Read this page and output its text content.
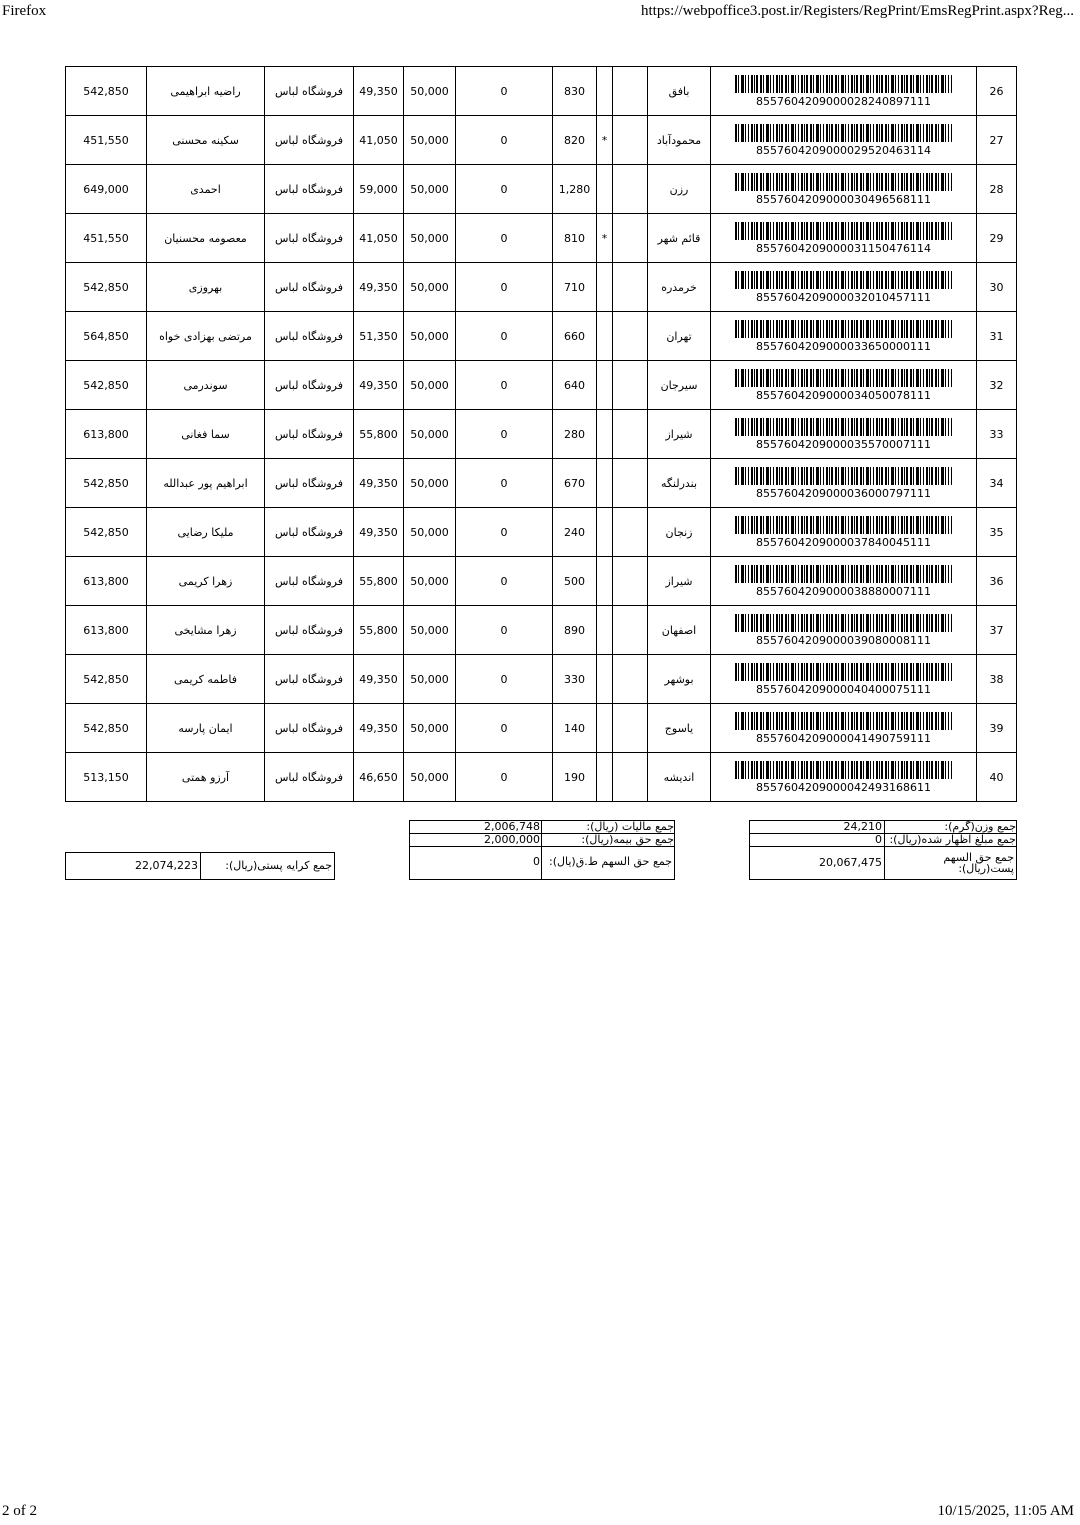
Firefox	https://webpoffice3.post.ir/Registers/RegPrint/EmsRegPrint.aspx?Reg...
542,850	راضیه ابراهیمی	فروشگاه لباس	49,350	50,000	0	830			بافق	8557604209000028240897111	26
451,550	سکینه محسنی	فروشگاه لباس	41,050	50,000	0	820	*		محمودآباد	8557604209000029520463114	27
649,000	احمدی	فروشگاه لباس	59,000	50,000	0	1,280			رزن	8557604209000030496568111	28
451,550	معصومه محسنیان	فروشگاه لباس	41,050	50,000	0	810	*		قائم شهر	8557604209000031150476114	29
542,850	بهروزی	فروشگاه لباس	49,350	50,000	0	710			خرمدره	8557604209000032010457111	30
564,850	مرتضی بهزادی خواه	فروشگاه لباس	51,350	50,000	0	660			تهران	8557604209000033650000111	31
542,850	سوندرمی	فروشگاه لباس	49,350	50,000	0	640			سیرجان	8557604209000034050078111	32
613,800	سما فغانی	فروشگاه لباس	55,800	50,000	0	280			شیراز	8557604209000035570007111	33
542,850	ابراهیم پور عبدالله	فروشگاه لباس	49,350	50,000	0	670			بندرلنگه	8557604209000036000797111	34
542,850	ملیکا رضایی	فروشگاه لباس	49,350	50,000	0	240			زنجان	8557604209000037840045111	35
613,800	زهرا کریمی	فروشگاه لباس	55,800	50,000	0	500			شیراز	8557604209000038880007111	36
613,800	زهرا مشایخی	فروشگاه لباس	55,800	50,000	0	890			اصفهان	8557604209000039080008111	37
542,850	فاطمه کریمی	فروشگاه لباس	49,350	50,000	0	330			بوشهر	8557604209000040400075111	38
542,850	ایمان پارسه	فروشگاه لباس	49,350	50,000	0	140			یاسوج	8557604209000041490759111	39
513,150	آرزو همتی	فروشگاه لباس	46,650	50,000	0	190			اندیشه	8557604209000042493168611	40
22,074,223 جمع کرایه پستی(ریال):
2,006,748	جمع مالیات (ریال):
2,000,000	جمع حق بیمه(ریال):
0 جمع حق السهم ط.ق(یال):
24,210	جمع وزن(گرم):
0 جمع مبلغ اظهار شده(ریال):
20,067,475	جمع حق السهم پست(ریال):
2 of 2	10/15/2025, 11:05 AM
